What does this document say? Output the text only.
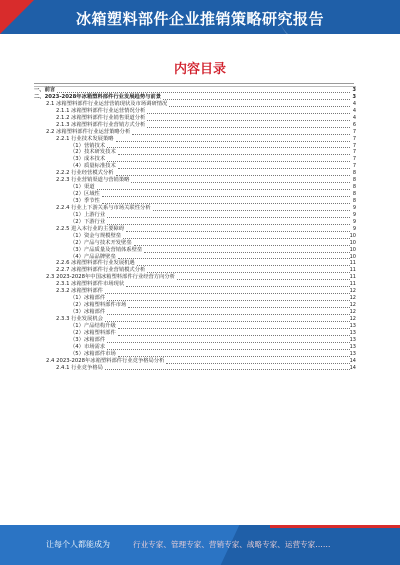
冰箱塑料部件企业推销策略研究报告
内容目录
一、前言	3
二、2023-2028年冰箱塑料部件行业发展趋势与前景	3
2.1 冰箱塑料部件行业运营营销现状及市场调研情况	4
2.1.1 冰箱塑料部件行业运营情况分析	4
2.1.2 冰箱塑料部件行业销售渠道分析	4
2.1.3 冰箱塑料部件行业营销方式分析	6
2.2 冰箱塑料部件行业运营策略分析	7
2.2.1 行业技术发展策略	7
（1）营销技术	7
（2）技术研发技术	7
（3）成本技术	7
（4）质量标准技术	7
2.2.2 行业经营模式分析	8
2.2.3 行业营销渠道与营销策略	8
（1）渠道	8
（2）区域性	8
（3）季节性	8
2.2.4 行业上下游关系与市场关联性分析	9
（1）上游行业	9
（2）下游行业	9
2.2.5 进入本行业的主要障碍	9
（1）资金与规模壁垒	10
（2）产品与技术开发壁垒	10
（3）产品质量及营销体系壁垒	10
（4）产品品牌壁垒	10
2.2.6 冰箱塑料部件行业发展机遇	11
2.2.7 冰箱塑料部件行业营销模式分析	11
2.3 2023-2028年中国冰箱塑料部件行业经营方向分析	11
2.3.1 冰箱塑料部件市场现状	11
2.3.2 冰箱塑料部件	12
（1）冰箱部件	12
（2）冰箱塑料部件市场	12
（3）冰箱部件	12
2.3.3 行业发展机会	12
（1）产品结构升级	13
（2）冰箱塑料部件	13
（3）冰箱部件	13
（4）市场需求	13
（5）冰箱部件市场	13
2.4 2023-2028年冰箱塑料部件行业竞争格局分析	14
2.4.1 行业竞争格局	14
让每个人都能成为	行业专家、管理专家、营销专家、战略专家、运营专家……
